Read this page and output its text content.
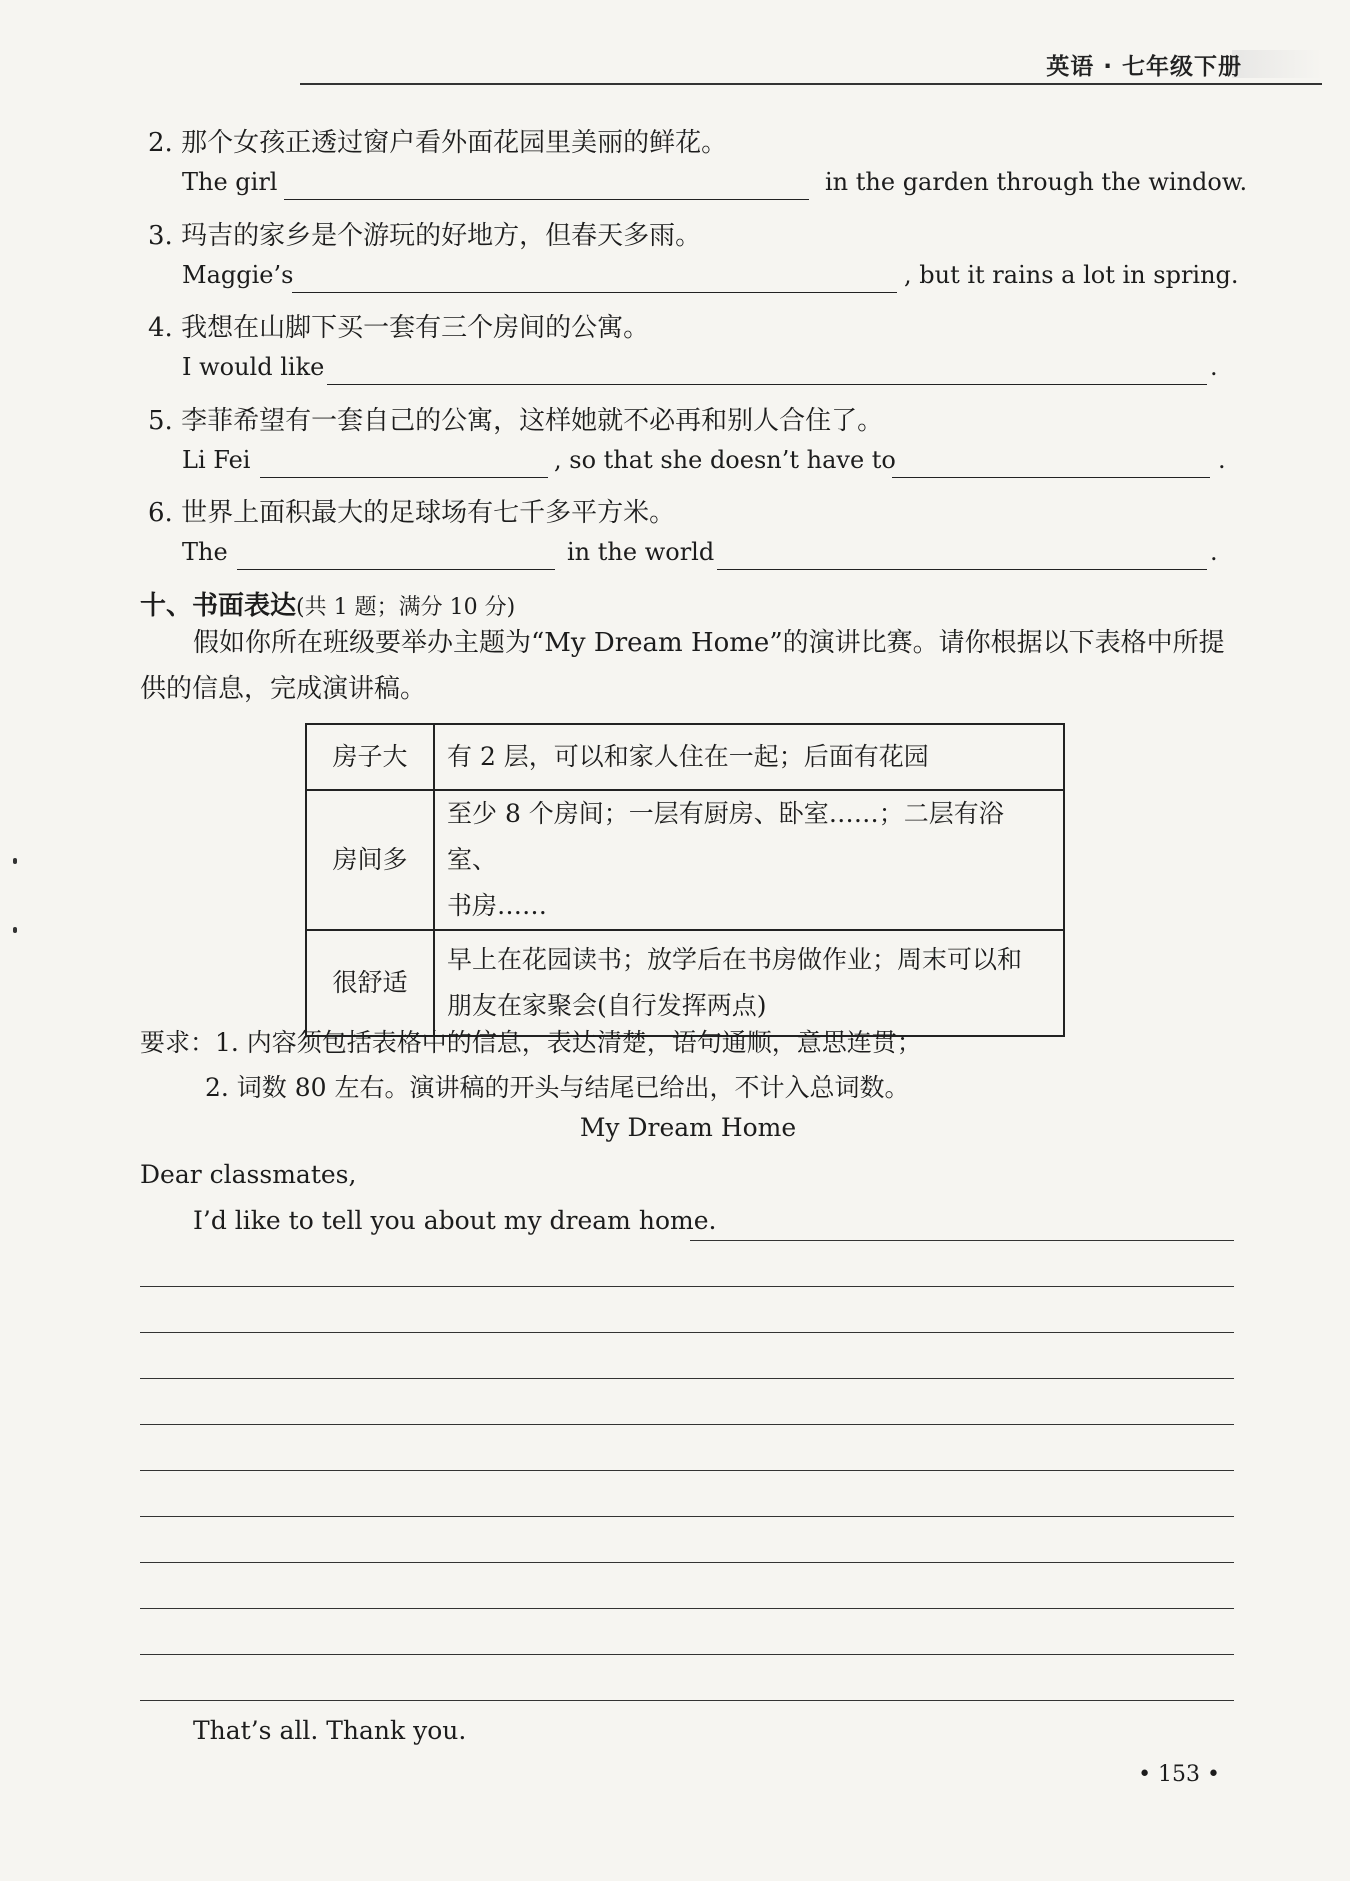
英语 · 七年级下册
2. 那个女孩正透过窗户看外面花园里美丽的鲜花。
The girl	in the garden through the window.
3. 玛吉的家乡是个游玩的好地方，但春天多雨。
Maggie’s	, but it rains a lot in spring.
4. 我想在山脚下买一套有三个房间的公寓。
I would like	.
5. 李菲希望有一套自己的公寓，这样她就不必再和别人合住了。
Li Fei	, so that she doesn’t have to	.
6. 世界上面积最大的足球场有七千多平方米。
The	in the world	.
十、书面表达(共 1 题；满分 10 分)
假如你所在班级要举办主题为“My Dream Home”的演讲比赛。请你根据以下表格中所提
供的信息，完成演讲稿。
房子大	有 2 层，可以和家人住在一起；后面有花园
房间多	至少 8 个房间；一层有厨房、卧室……；二层有浴室、
书房……

很舒适	早上在花园读书；放学后在书房做作业；周末可以和
朋友在家聚会(自行发挥两点)
要求：1. 内容须包括表格中的信息，表达清楚，语句通顺，意思连贯；
2. 词数 80 左右。演讲稿的开头与结尾已给出，不计入总词数。
My Dream Home
Dear classmates,
I’d like to tell you about my dream home.
That’s all. Thank you.
• 153 •
